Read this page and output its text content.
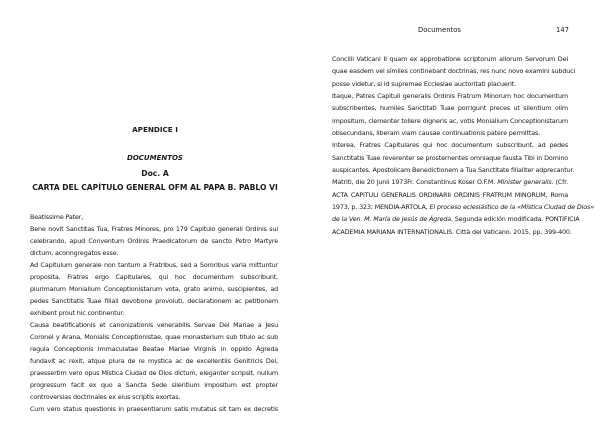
APENDICE I
DOCUMENTOS
Doc. A
CARTA DEL CAPÍTULO GENERAL OFM AL PAPA B. PABLO VI
Beatissime Pater,
Bene novit Sanctitas Tua, Fratres Minores, pro 179 Capitulo generali Ordinis sui
celebrando, apud Conventum Ordinis Praedicatorum de sancto Petro Martyre
dictum, aconngregatos esse.
Ad Capitulum generale non tantum a Fratribus, sed a Sororibus varia mittuntur
proposita. Fratres ergo Capitulares, qui hoc documentum subscribunt,
plurimarum Monialium Conceptionistarum vota, grato animo, suscipientes, ad
pedes Sanctitatis Tuae filiali devotione provoluti, declarationem ac petitionem
exhibent prout hic continentur:
Causa beatificationis et canonizationis venerabilis Servae Dei Mariae a Jesu
Coronel y Arana, Monialis Conceptionistae, quae monasterium sub titulo ac sub
regula Conceptionis Immaculatae Beatae Mariae Virginis in oppido Ágreda
fundavit ac rexit, atque plura de re mystica ac de excellentiis Genitricis Dei,
praessertim vero opus Mística Ciudad de Dios dictum, eleganter scripsit, nullum
progressum facit ex quo a Sancta Sede silentium impositum est propter
controversias doctrinales ex eius scriptis exortas.
Cum vero status questionis in praesentiarum satis mutatus sit tam ex decretis
Documentos	147
Concilii Vaticani II quam ex approbatione scriptorum aliorum Servorum Dei
quae easdem vel símiles continebant doctrinas, res nunc novo examini subduci
posse videtur, si id supremae Ecclesiae auctoritati placuerit.
Itaque, Patres Capituli generalis Ordinis Fratrum Minorum hoc documentum
subscribentes, humiles Sanctitati Tuae porrigunt preces ut silentium olim
impositum, clementer tollere digneris ac, votis Monialium Conceptionistarum
obsecundans, liberam viam causae continuationis patere permittas.
Interea, Fratres Capitulares qui hoc documentum subscribunt, ad pedes
Sanctitatis Tuae reverenter se prosternentes omniaque fausta Tibi in Domino
auspicantes. Apostolicam Benedictionem a Tua Sanctitate filialiter adprecantur.
Matriti, die 20 Junii 1973Fr. Constantinus Koser O.F.M. Minister generalis. (Cfr.
ACTA CAPITULI GENERALIS ORDINARII ORDINIS FRATRUM MINORUM, Roma
1973, p. 323; MENDIA-ARTOLA, El proceso eclesiástico de la «Mística Ciudad de Dios»
de la Ven. M. María de Jesús de Ágreda. Segunda edición modificada. PONTIFICIA
ACADEMIA MARIANA INTERNATIONALIS. Città del Vaticano. 2015, pp. 399-400.
